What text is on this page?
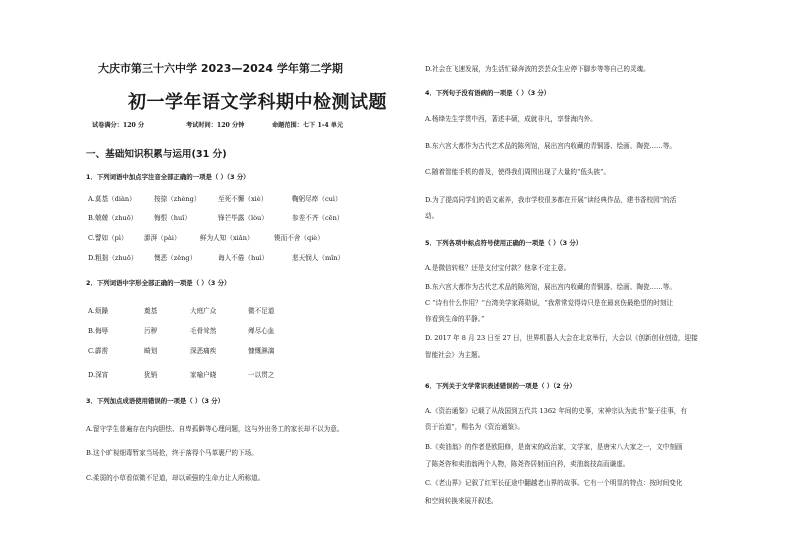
大庆市第三十六中学 2023—2024 学年第二学期
初一学年语文学科期中检测试题
试卷满分：120 分	考试时间：120 分钟	命题范围：七下 1-4 单元
一、基础知识积累与运用(31 分)
1．下列词语中加点字注音全部正确的一项是（ ）（3 分）
A.莫基（diàn）	按捺（zhèng）	至死不懈（xiè）	鞠躬尽瘁（cuì）
B.兢兢（zhuō）	悔恨（huǐ）	锋芒毕露（lòu）	参差不齐（cēn）
C.譬如（pì） 澎湃（pài）	鲜为人知（xiǎn）	锲而不舍（qiè）
D.粗拙（zhuō）	懊恶（zěng）	诲人不倦（huì）	悲天悯人（mǐn）
2．下列词语中字形全部正确的一项是（ ）（3 分）
A.烦躁	奠基	大庭广众	微不足道
B.侮辱	污秽	毛骨耸然	殚尽心血
C.霹雳	畸划	深恶痛疾	慷慨淋漓
D.深宵	犹销	家喻户晓	一以贯之
3．下列加点成语使用错误的一项是（ ）（3 分）
A.留守学生普遍存在内向胆怯、自卑孤僻等心理问题，这与外出务工的家长却不以为意。
B.这个旷视细毒暂家当场抢，终于落得个马革裹尸的下场。
C.柔弱的小草看似微不足道，却以顽强的生命力让人所称道。
D.社会在飞速发展，为生活忙碌奔波的芸芸众生应停下脚步等等自己的灵魂。
4．下列句子没有语病的一项是（ ）（3 分）
A.杨绛先生学贯中西，著述丰硕，成就非凡，享誉海内外。
B.东六宫大都作为古代艺术品的陈列馆，展出宫内收藏的青铜器、绘画、陶瓷……等。
C.随着智能手机的普及，使得我们周围出现了大量的“低头族”。
D.为了提高同学们的语文素养，我市学校很多都在开展“读经典作品，建书香校园”的活
动。
5．下列各项中标点符号使用正确的一项是（ ）（3 分）
A.是微信转账？还是支付宝付款？他拿不定主意。
B.东六宫大都作为古代艺术品的陈列馆，展出宫内收藏的青铜器、绘画、陶瓷……等。
C “诗有什么作用？”台湾美学家蒋勋说，“我常常觉得诗只是在最哀伤最绝望的时刻让
你看到生命的平静。”
D. 2017 年 8 月 23 日至 27 日，世界机器人大会在北京举行，大会以《创新创业创造，迎接
智能社会》为主题。
6．下列关于文学常识表述错误的一项是（ ）（2 分）
A.《资治通鉴》记载了从战国到五代共 1362 年间的史事，宋神宗认为此书“鉴于往事，有
资于治道”，赐名为《资治通鉴》。
B.《卖油翁》的作者是欧阳修，是南宋的政治家，文学家，是唐宋八大家之一，文中刻画
了陈尧咨和卖油翁两个人物，陈尧咨居射而自矜，卖油翁技高而谦虚。
C.《老山界》记叙了红军长征途中翻越老山界的故事。它有一个明显的特点：按时间变化
和空间转换来展开叙述。
